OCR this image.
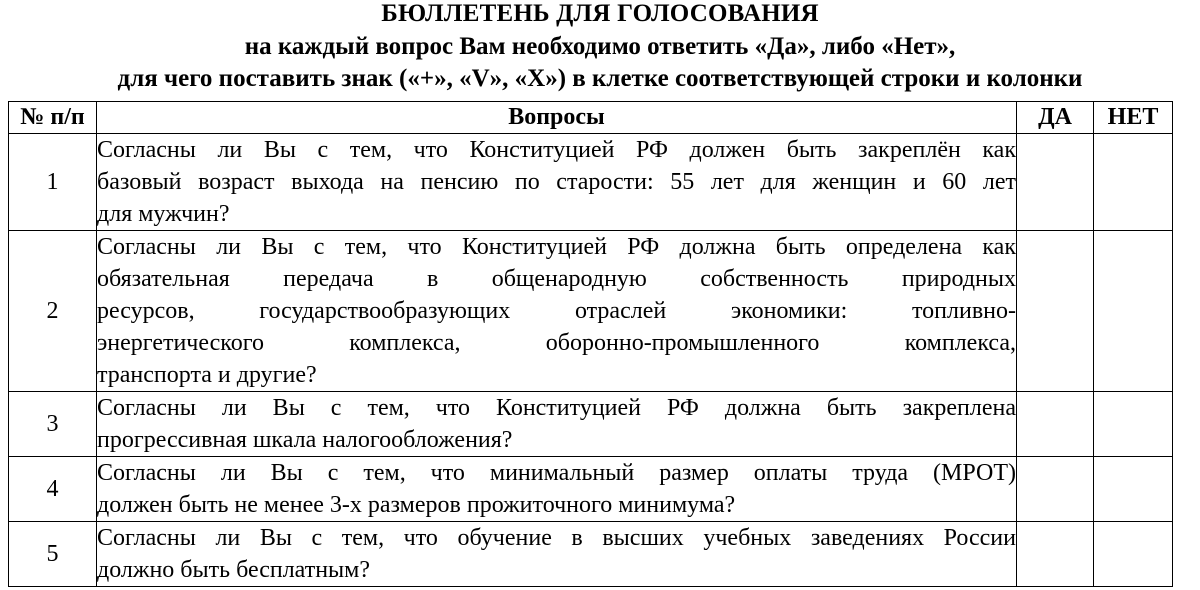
БЮЛЛЕТЕНЬ ДЛЯ ГОЛОСОВАНИЯ
на каждый вопрос Вам необходимо ответить «Да», либо «Нет»,
для чего поставить знак («+», «V», «X») в клетке соответствующей строки и колонки
№ п/п	Вопросы	ДА	НЕТ
1	Согласны ли Вы с тем, что Конституцией РФ должен быть закреплён как
базовый возраст выхода на пенсию по старости: 55 лет для женщин и 60 лет
для мужчин?		

2	Согласны ли Вы с тем, что Конституцией РФ должна быть определена как
обязательная передача в общенародную собственность природных
ресурсов, государствообразующих отраслей экономики: топливно-
энергетического комплекса, оборонно-промышленного комплекса,
транспорта и другие?		

3	Согласны ли Вы с тем, что Конституцией РФ должна быть закреплена
прогрессивная шкала налогообложения?		

4	Согласны ли Вы с тем, что минимальный размер оплаты труда (МРОТ)
должен быть не менее 3-х размеров прожиточного минимума?		

5	Согласны ли Вы с тем, что обучение в высших учебных заведениях России
должно быть бесплатным?		
